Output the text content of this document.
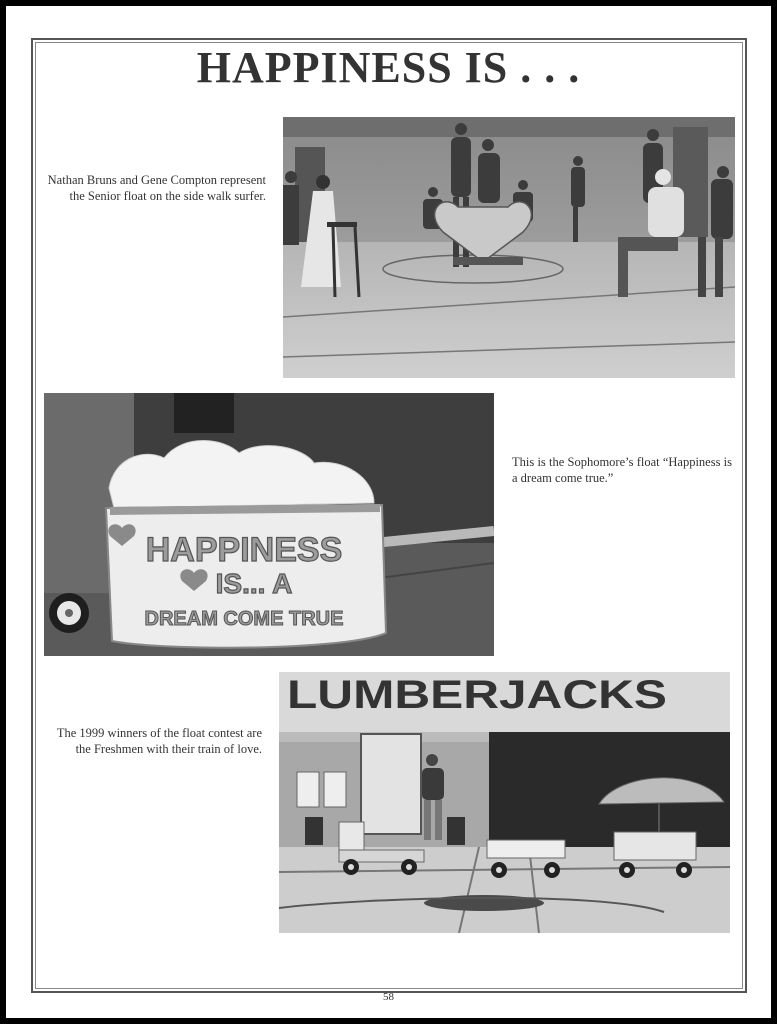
HAPPINESS IS . . .
Nathan Bruns and Gene Compton represent the Senior float on the side walk surfer.
HAPPINESS
IS... A
DREAM COME TRUE
This is the Sophomore’s float “Happiness is a dream come true.”
LUMBERJACKS
The 1999 winners of the float contest are the Freshmen with their train of love.
58
